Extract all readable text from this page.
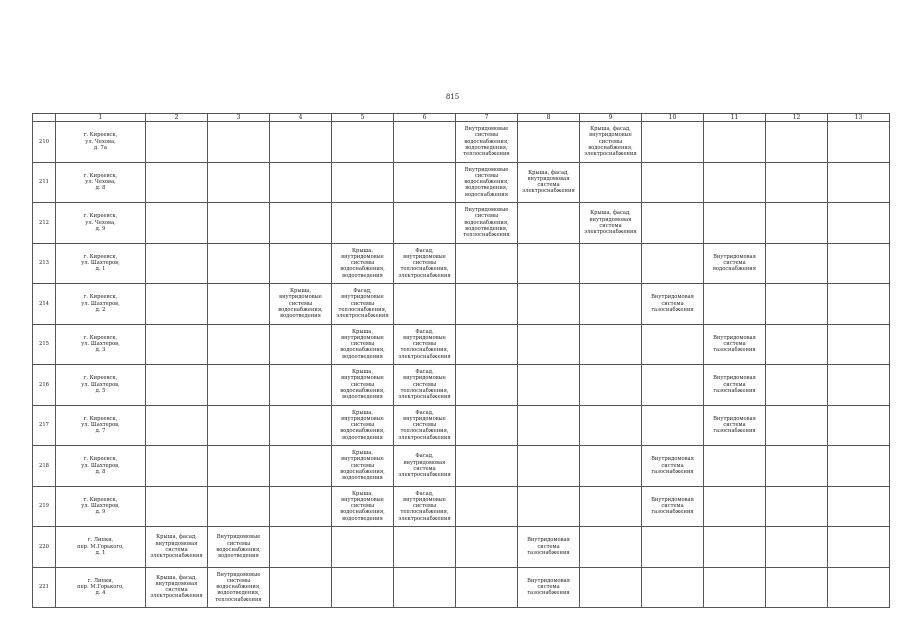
815
	1	2	3	4	5	6	7	8	9	10	11	12	13
210	г. Киреевск,
ул. Чехова,
д. 7а						Внутридомовые
системы
водоснабжения,
водоотведения,
теплоснабжения		Крыша, фасад,
внутридомовые
системы
водоснабжения,
электроснабжения				

211	г. Киреевск,
ул. Чехова,
д. 8						Внутридомовые
системы
водоснабжения,
водоотведения,
водоснабжения	Крыша, фасад,
внутридомовая
система
электроснабжения					

212	г. Киреевск,
ул. Чехова,
д. 9						Внутридомовые
системы
водоснабжения,
водоотведения,
теплоснабжения		Крыша, фасад,
внутридомовая
система
электроснабжения				

213	г. Киреевск,
ул. Шахтеров,
д. 1				Крыша,
внутридомовые
системы
водоснабжения,
водоотведения	Фасад,
внутридомовые
системы
теплоснабжения,
электроснабжения					Внутридомовая
система
водоснабжения		

214	г. Киреевск,
ул. Шахтеров,
д. 2			Крыша,
внутридомовые
системы
водоснабжения,
водоотведения	Фасад,
внутридомовые
системы
теплоснабжения,
электроснабжения					Внутридомовая
система
газоснабжения			

215	г. Киреевск,
ул. Шахтеров,
д. 3				Крыша,
внутридомовые
системы
водоснабжения,
водоотведения	Фасад,
внутридомовые
системы
теплоснабжения,
электроснабжения					Внутридомовая
система
газоснабжения		

216	г. Киреевск,
ул. Шахтеров,
д. 5				Крыша,
внутридомовые
системы
водоснабжения,
водоотведения	Фасад,
внутридомовые
системы
теплоснабжения,
электроснабжения					Внутридомовая
система
газоснабжения		

217	г. Киреевск,
ул. Шахтеров,
д. 7				Крыша,
внутридомовые
системы
водоснабжения,
водоотведения	Фасад,
внутридомовые
системы
теплоснабжения,
электроснабжения					Внутридомовая
система
газоснабжения		

218	г. Киреевск,
ул. Шахтеров,
д. 8				Крыша,
внутридомовые
системы
водоснабжения,
водоотведения	Фасад,
внутридомовая
система
электроснабжения				Внутридомовая
система
газоснабжения			

219	г. Киреевск,
ул. Шахтеров,
д. 9				Крыша,
внутридомовые
системы
водоснабжения,
водоотведения	Фасад,
внутридомовые
системы
теплоснабжения,
электроснабжения				Внутридомовая
система
газоснабжения			

220	г. Липки,
пер. М.Горького,
д. 1	Крыша, фасад,
внутридомовая
система
электроснабжения	Внутридомовые
системы
водоснабжения,
водоотведения					Внутридомовая
система
газоснабжения					

221	г. Липки,
пер. М.Горького,
д. 4	Крыша, фасад,
внутридомовая
система
электроснабжения	Внутридомовые
системы
водоснабжения,
водоотведения,
теплоснабжения					Внутридомовая
система
газоснабжения					
